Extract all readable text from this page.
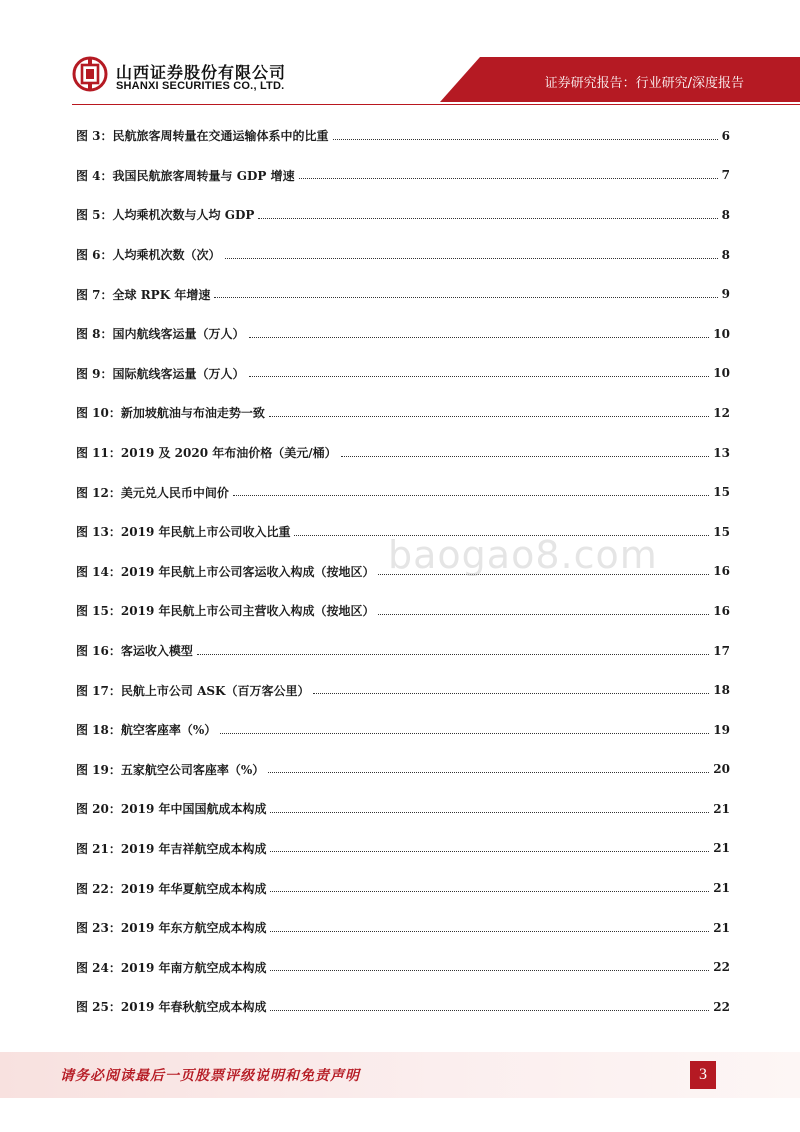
山西证券股份有限公司
SHANXI SECURITIES CO., LTD.	证券研究报告：行业研究/深度报告
图 3：民航旅客周转量在交通运输体系中的比重	6
图 4：我国民航旅客周转量与 GDP 增速	7
图 5：人均乘机次数与人均 GDP	8
图 6：人均乘机次数（次）	8
图 7：全球 RPK 年增速	9
图 8：国内航线客运量（万人）	10
图 9：国际航线客运量（万人）	10
图 10：新加坡航油与布油走势一致	12
图 11：2019 及 2020 年布油价格（美元/桶）	13
图 12：美元兑人民币中间价	15
图 13：2019 年民航上市公司收入比重	15
图 14：2019 年民航上市公司客运收入构成（按地区）	16
图 15：2019 年民航上市公司主营收入构成（按地区）	16
图 16：客运收入模型	17
图 17：民航上市公司 ASK（百万客公里）	18
图 18：航空客座率（%）	19
图 19：五家航空公司客座率（%）	20
图 20：2019 年中国国航成本构成	21
图 21：2019 年吉祥航空成本构成	21
图 22：2019 年华夏航空成本构成	21
图 23：2019 年东方航空成本构成	21
图 24：2019 年南方航空成本构成	22
图 25：2019 年春秋航空成本构成	22
baogao8.com
请务必阅读最后一页股票评级说明和免责声明	3
